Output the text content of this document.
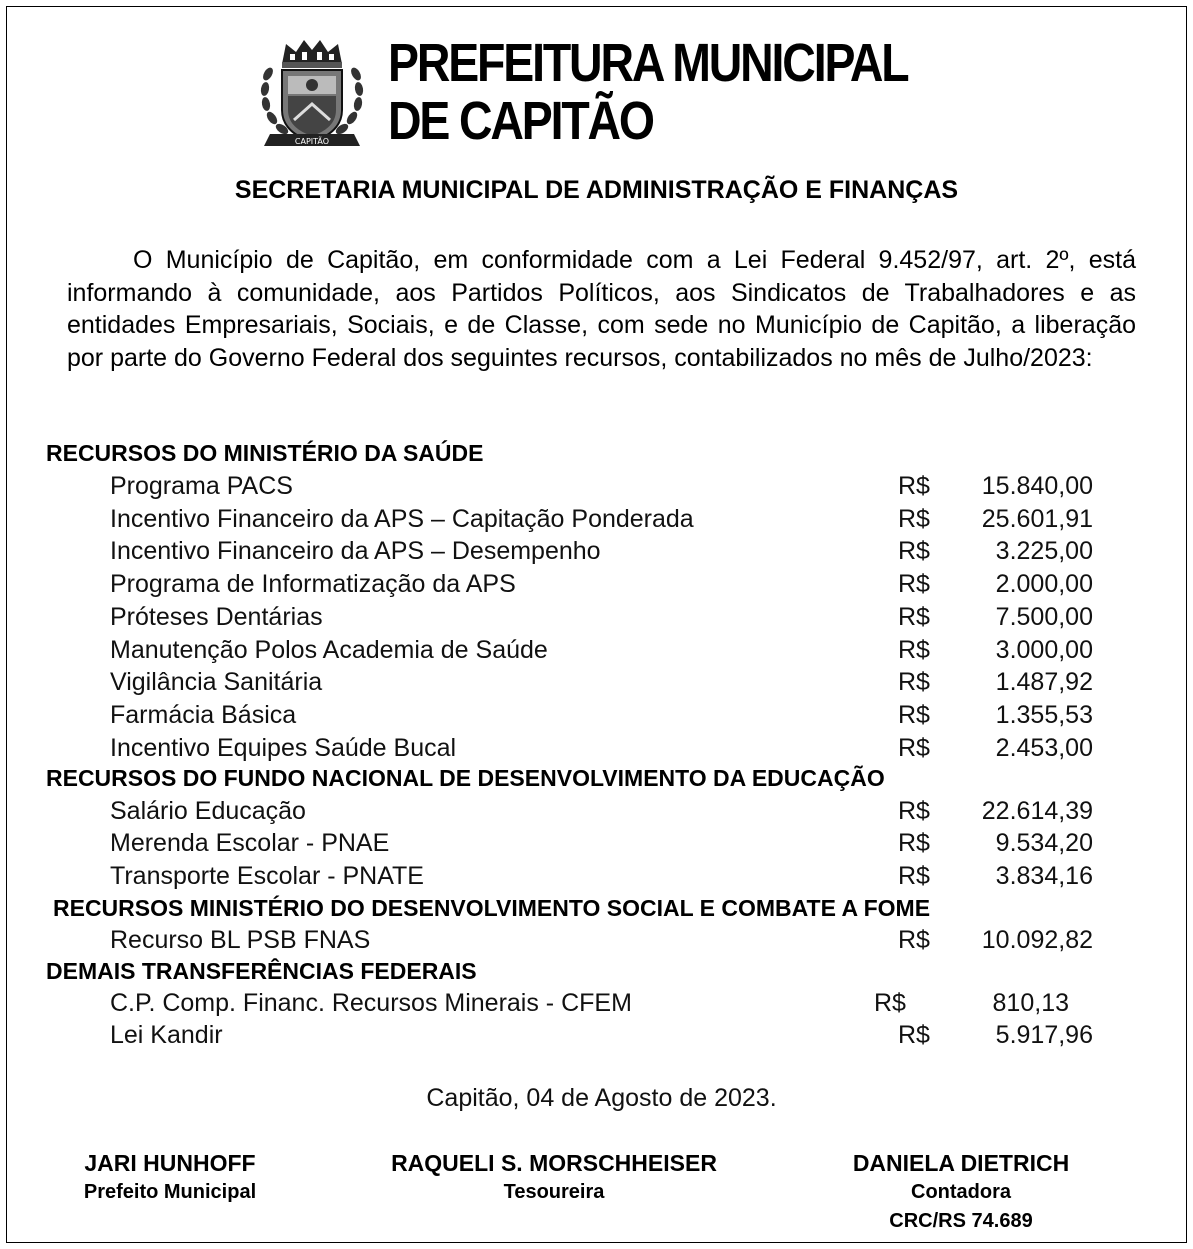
CAPITÃO
PREFEITURA MUNICIPAL
DE CAPITÃO
SECRETARIA MUNICIPAL DE ADMINISTRAÇÃO E FINANÇAS
O Município de Capitão, em conformidade com a Lei Federal 9.452/97, art. 2º, está informando à comunidade, aos Partidos Políticos, aos Sindicatos de Trabalhadores e as entidades Empresariais, Sociais, e de Classe, com sede no Município de Capitão, a liberação por parte do Governo Federal dos seguintes recursos, contabilizados no mês de Julho/2023:
RECURSOS DO MINISTÉRIO DA SAÚDE
Programa PACS	R$ 15.840,00
Incentivo Financeiro da APS – Capitação Ponderada	R$ 25.601,91
Incentivo Financeiro da APS – Desempenho	R$	3.225,00
Programa de Informatização da APS	R$	2.000,00
Próteses Dentárias	R$	7.500,00
Manutenção Polos Academia de Saúde	R$	3.000,00
Vigilância Sanitária	R$	1.487,92
Farmácia Básica	R$	1.355,53
Incentivo Equipes Saúde Bucal	R$	2.453,00
RECURSOS DO FUNDO NACIONAL DE DESENVOLVIMENTO DA EDUCAÇÃO
Salário Educação	R$ 22.614,39
Merenda Escolar - PNAE	R$	9.534,20
Transporte Escolar - PNATE	R$	3.834,16
RECURSOS MINISTÉRIO DO DESENVOLVIMENTO SOCIAL E COMBATE A FOME
Recurso BL PSB FNAS	R$ 10.092,82
DEMAIS TRANSFERÊNCIAS FEDERAIS
C.P. Comp. Financ. Recursos Minerais - CFEM	R$	810,13
Lei Kandir	R$	5.917,96
Capitão, 04 de Agosto de 2023.
JARI HUNHOFF
Prefeito Municipal
RAQUELI S. MORSCHHEISER
Tesoureira
DANIELA DIETRICH
Contadora
CRC/RS 74.689
